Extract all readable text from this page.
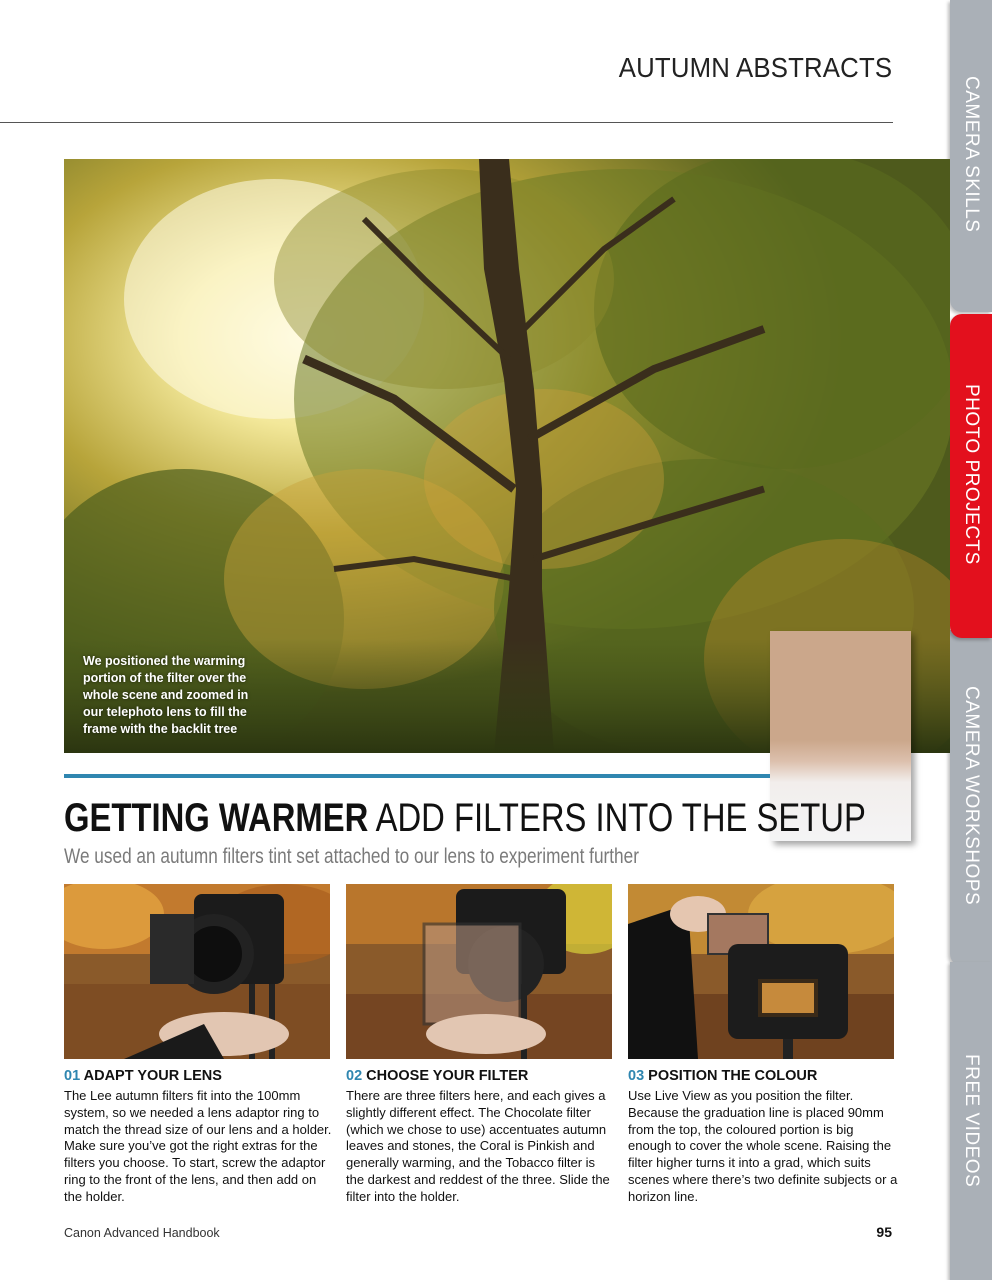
AUTUMN ABSTRACTS
CAMERA SKILLS
CAMERA WORKSHOPS
FREE VIDEOS
PHOTO PROJECTS
We positioned the warming portion of the filter over the whole scene and zoomed in our telephoto lens to fill the frame with the backlit tree
GETTING WARMER ADD FILTERS INTO THE SETUP
We used an autumn filters tint set attached to our lens to experiment further
01 ADAPT YOUR LENS
The Lee autumn filters fit into the 100mm system, so we needed a lens adaptor ring to match the thread size of our lens and a holder. Make sure you’ve got the right extras for the filters you choose. To start, screw the adaptor ring to the front of the lens, and then add on the holder.
02 CHOOSE YOUR FILTER
There are three filters here, and each gives a slightly different effect. The Chocolate filter (which we chose to use) accentuates autumn leaves and stones, the Coral is Pinkish and generally warming, and the Tobacco filter is the darkest and reddest of the three. Slide the filter into the holder.
03 POSITION THE COLOUR
Use Live View as you position the filter. Because the graduation line is placed 90mm from the top, the coloured portion is big enough to cover the whole scene. Raising the filter higher turns it into a grad, which suits scenes where there’s two definite subjects or a horizon line.
Canon Advanced Handbook	95
